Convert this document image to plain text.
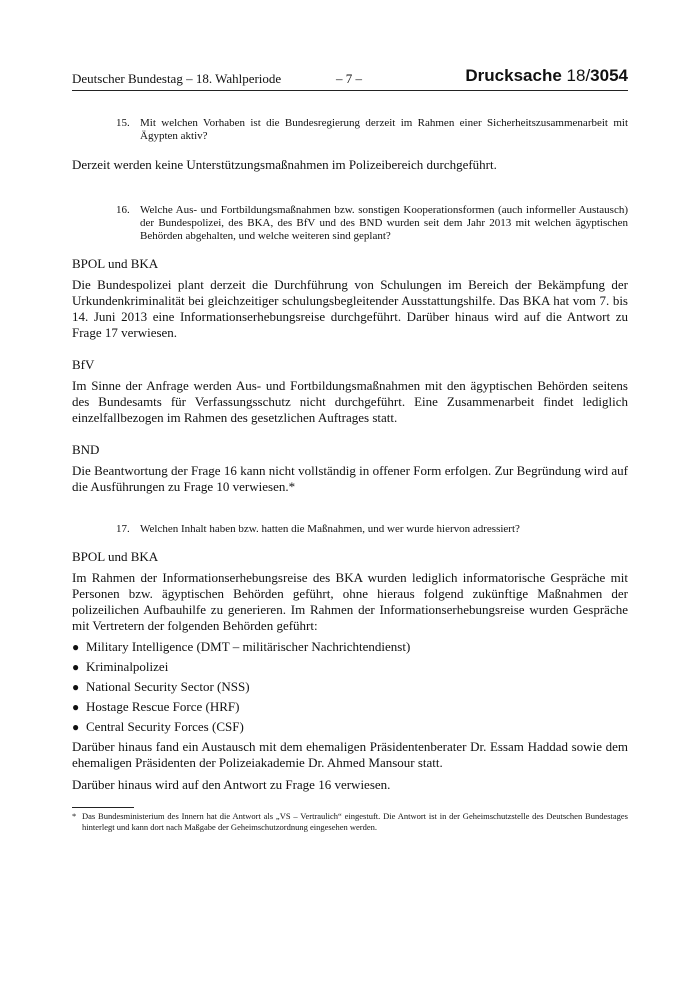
Deutscher Bundestag – 18. Wahlperiode	– 7 –	Drucksache 18/3054
15. Mit welchen Vorhaben ist die Bundesregierung derzeit im Rahmen einer Sicherheitszusammenarbeit mit Ägypten aktiv?

Derzeit werden keine Unterstützungsmaßnahmen im Polizeibereich durchgeführt.

16. Welche Aus- und Fortbildungsmaßnahmen bzw. sonstigen Kooperationsformen (auch informeller Austausch) der Bundespolizei, des BKA, des BfV und des BND wurden seit dem Jahr 2013 mit welchen ägyptischen Behörden abgehalten, und welche weiteren sind geplant?
BPOL und BKA

Die Bundespolizei plant derzeit die Durchführung von Schulungen im Bereich der Bekämpfung der Urkundenkriminalität bei gleichzeitiger schulungsbegleitender Ausstattungshilfe. Das BKA hat vom 7. bis 14. Juni 2013 eine Informationserhebungsreise durchgeführt. Darüber hinaus wird auf die Antwort zu Frage 17 verwiesen.

BfV

Im Sinne der Anfrage werden Aus- und Fortbildungsmaßnahmen mit den ägyptischen Behörden seitens des Bundesamts für Verfassungsschutz nicht durchgeführt. Eine Zusammenarbeit findet lediglich einzelfallbezogen im Rahmen des gesetzlichen Auftrages statt.

BND

Die Beantwortung der Frage 16 kann nicht vollständig in offener Form erfolgen. Zur Begründung wird auf die Ausführungen zu Frage 10 verwiesen.*

17. Welchen Inhalt haben bzw. hatten die Maßnahmen, und wer wurde hiervon adressiert?
BPOL und BKA

Im Rahmen der Informationserhebungsreise des BKA wurden lediglich informatorische Gespräche mit Personen bzw. ägyptischen Behörden geführt, ohne hieraus folgend zukünftige Maßnahmen der polizeilichen Aufbauhilfe zu generieren. Im Rahmen der Informationserhebungsreise wurden Gespräche mit Vertretern der folgenden Behörden geführt:

● Military Intelligence (DMT – militärischer Nachrichtendienst)
● Kriminalpolizei
● National Security Sector (NSS)
● Hostage Rescue Force (HRF)
● Central Security Forces (CSF)

Darüber hinaus fand ein Austausch mit dem ehemaligen Präsidentenberater Dr. Essam Haddad sowie dem ehemaligen Präsidenten der Polizeiakademie Dr. Ahmed Mansour statt.

Darüber hinaus wird auf den Antwort zu Frage 16 verwiesen.

* Das Bundesministerium des Innern hat die Antwort als „VS – Vertraulich“ eingestuft. Die Antwort ist in der Geheimschutzstelle des Deutschen Bundestages hinterlegt und kann dort nach Maßgabe der Geheimschutzordnung eingesehen werden.
